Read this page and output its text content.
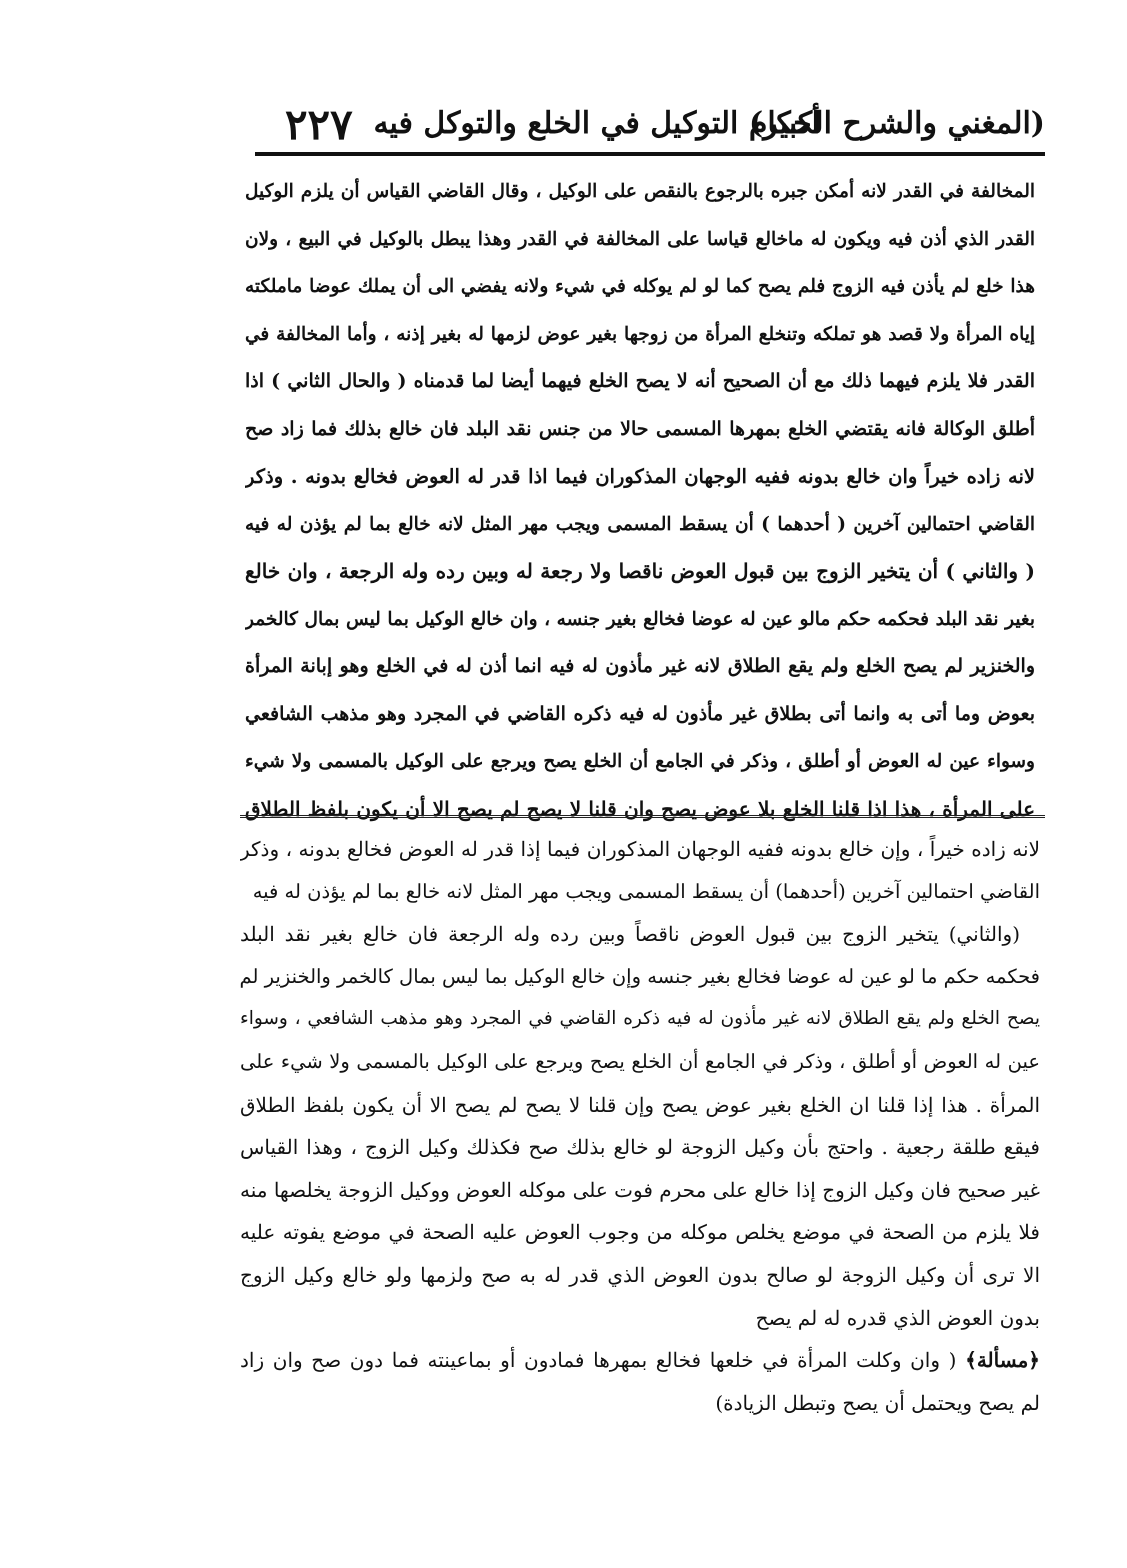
(المغني والشرح الكبير)
أحكام التوكيل في الخلع والتوكل فيه
٢٢٧

المخالفة في القدر لانه أمكن جبره بالرجوع بالنقص على الوكيل ، وقال القاضي القياس أن يلزم الوكيل

القدر الذي أذن فيه ويكون له ماخالع قياسا على المخالفة في القدر وهذا يبطل بالوكيل في البيع ، ولان

هذا خلع لم يأذن فيه الزوج فلم يصح كما لو لم يوكله في شيء ولانه يفضي الى أن يملك عوضا ماملكته

إياه المرأة ولا قصد هو تملكه وتنخلع المرأة من زوجها بغير عوض لزمها له بغير إذنه ، وأما المخالفة في

القدر فلا يلزم فيهما ذلك مع أن الصحيح أنه لا يصح الخلع فيهما أيضا لما قدمناه ( والحال الثاني ) اذا

أطلق الوكالة فانه يقتضي الخلع بمهرها المسمى حالا من جنس نقد البلد فان خالع بذلك فما زاد صح

لانه زاده خيراً وان خالع بدونه ففيه الوجهان المذكوران فيما اذا قدر له العوض فخالع بدونه . وذكر

القاضي احتمالين آخرين ( أحدهما ) أن يسقط المسمى ويجب مهر المثل لانه خالع بما لم يؤذن له فيه

( والثاني ) أن يتخير الزوج بين قبول العوض ناقصا ولا رجعة له وبين رده وله الرجعة ، وان خالع

بغير نقد البلد فحكمه حكم مالو عين له عوضا فخالع بغير جنسه ، وان خالع الوكيل بما ليس بمال كالخمر

والخنزير لم يصح الخلع ولم يقع الطلاق لانه غير مأذون له فيه انما أذن له في الخلع وهو إبانة المرأة

بعوض وما أتى به وانما أتى بطلاق غير مأذون له فيه ذكره القاضي في المجرد وهو مذهب الشافعي

وسواء عين له العوض أو أطلق ، وذكر في الجامع أن الخلع يصح ويرجع على الوكيل بالمسمى ولا شيء

على المرأة ، هذا اذا قلنا الخلع بلا عوض يصح وان قلنا لا يصح لم يصح الا أن يكون بلفظ الطلاق

لانه زاده خيراً ، وإن خالع بدونه ففيه الوجهان المذكوران فيما إذا قدر له العوض فخالع بدونه ، وذكر

القاضي احتمالين آخرين (أحدهما) أن يسقط المسمى ويجب مهر المثل لانه خالع بما لم يؤذن له فيه

(والثاني) يتخير الزوج بين قبول العوض ناقصاً وبين رده وله الرجعة فان خالع بغير نقد البلد

فحكمه حكم ما لو عين له عوضا فخالع بغير جنسه وإن خالع الوكيل بما ليس بمال كالخمر والخنزير لم

يصح الخلع ولم يقع الطلاق لانه غير مأذون له فيه ذكره القاضي في المجرد وهو مذهب الشافعي ، وسواء

عين له العوض أو أطلق ، وذكر في الجامع أن الخلع يصح ويرجع على الوكيل بالمسمى ولا شيء على

المرأة . هذا إذا قلنا ان الخلع بغير عوض يصح وإن قلنا لا يصح لم يصح الا أن يكون بلفظ الطلاق

فيقع طلقة رجعية . واحتج بأن وكيل الزوجة لو خالع بذلك صح فكذلك وكيل الزوج ، وهذا القياس

غير صحيح فان وكيل الزوج إذا خالع على محرم فوت على موكله العوض ووكيل الزوجة يخلصها منه

فلا يلزم من الصحة في موضع يخلص موكله من وجوب العوض عليه الصحة في موضع يفوته عليه

الا ترى أن وكيل الزوجة لو صالح بدون العوض الذي قدر له به صح ولزمها ولو خالع وكيل الزوج

بدون العوض الذي قدره له لم يصح

﴿مسألة﴾ ( وان وكلت المرأة في خلعها فخالع بمهرها فمادون أو بماعينته فما دون صح وان زاد

لم يصح ويحتمل أن يصح وتبطل الزيادة)
